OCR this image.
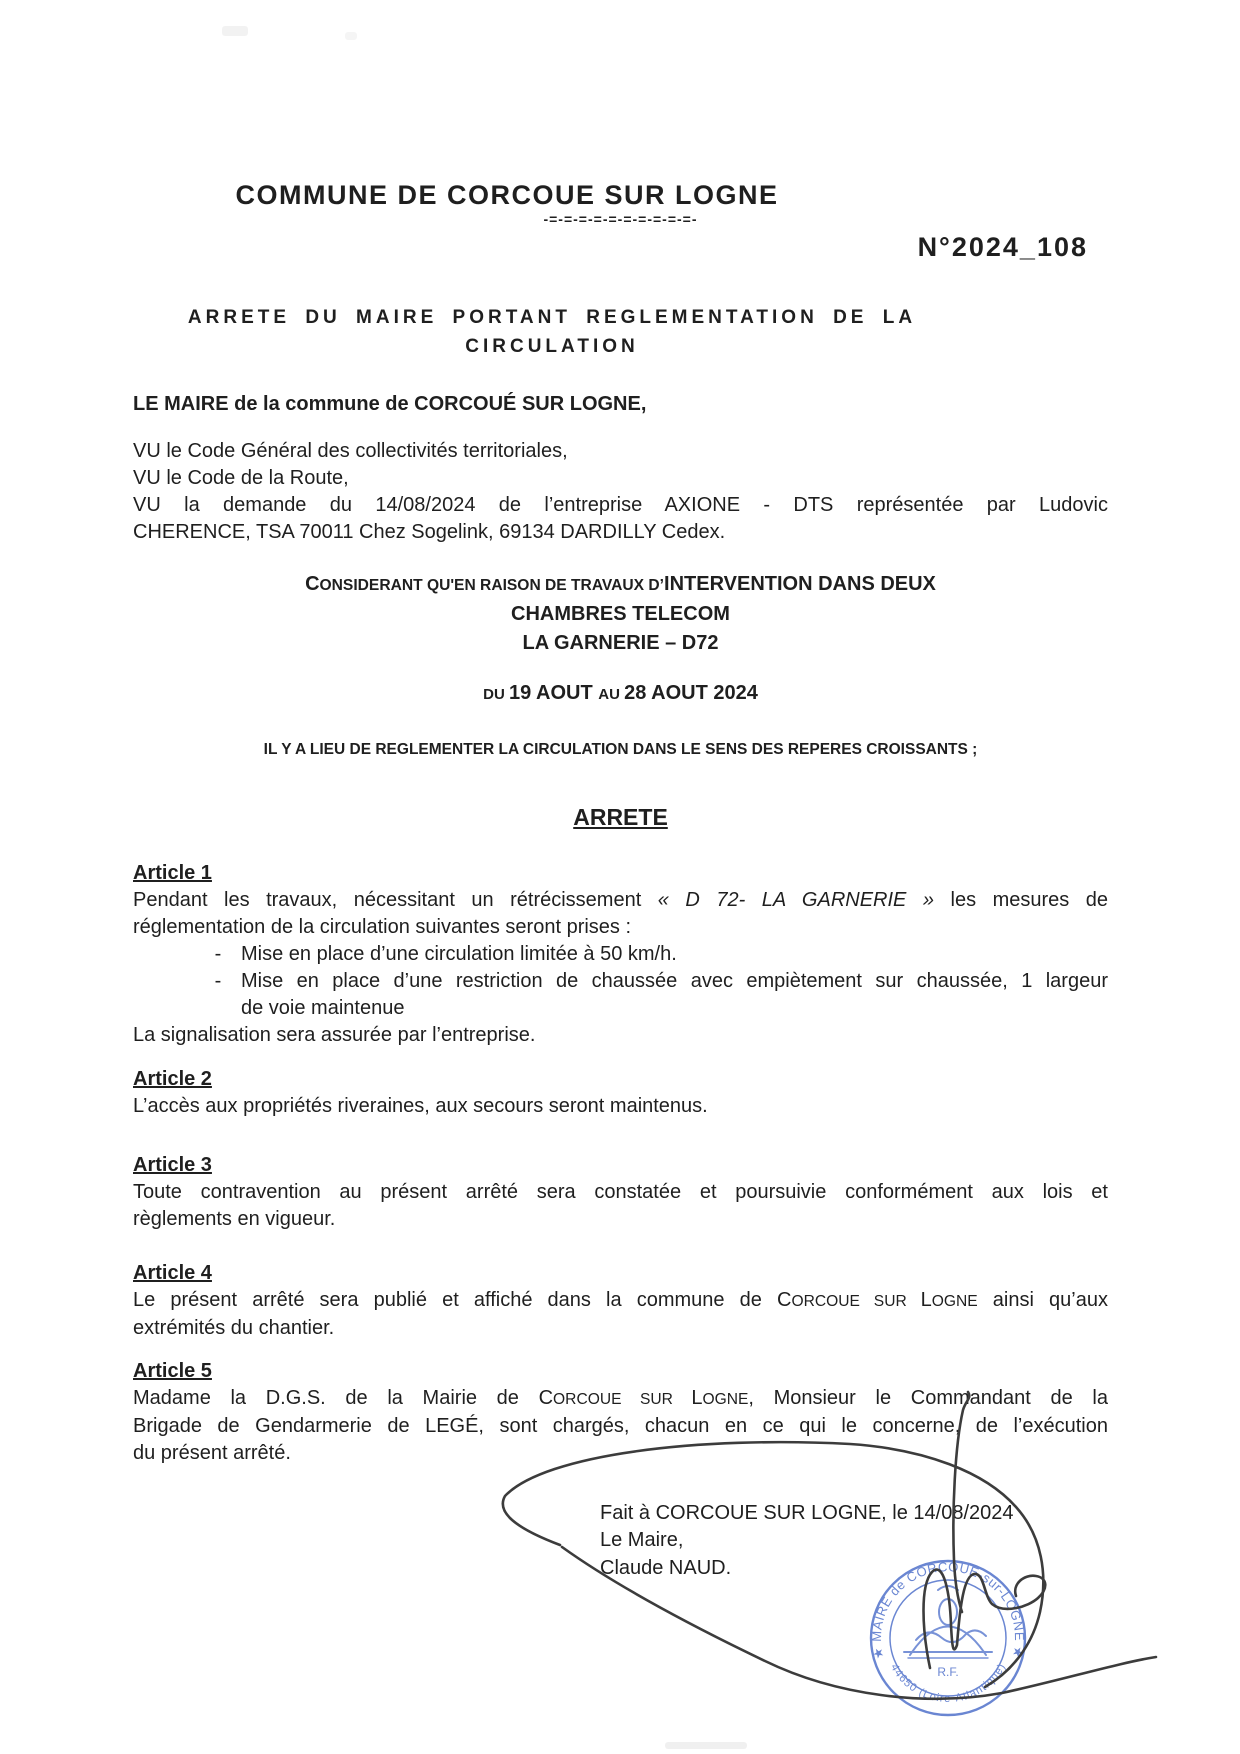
COMMUNE DE CORCOUE SUR LOGNE
-=-=-=-=-=-=-=-=-=-=-
N°2024_108
ARRETE DU MAIRE PORTANT REGLEMENTATION DE LA
CIRCULATION
LE MAIRE de la commune de CORCOUÉ SUR LOGNE,
VU le Code Général des collectivités territoriales,
VU le Code de la Route,
VU la demande du 14/08/2024 de l’entreprise AXIONE - DTS représentée par Ludovic
CHERENCE, TSA 70011 Chez Sogelink, 69134 DARDILLY Cedex.
CONSIDERANT QU'EN RAISON DE TRAVAUX D’INTERVENTION DANS DEUX
CHAMBRES TELECOM
LA GARNERIE – D72
DU 19 AOUT AU 28 AOUT 2024
IL Y A LIEU DE REGLEMENTER LA CIRCULATION DANS LE SENS DES REPERES CROISSANTS ;
ARRETE
Article 1
Pendant les travaux, nécessitant un rétrécissement « D 72- LA GARNERIE » les mesures de
réglementation de la circulation suivantes seront prises :
- Mise en place d’une circulation limitée à 50 km/h.
- Mise en place d’une restriction de chaussée avec empiètement sur chaussée, 1 largeur
de voie maintenue
La signalisation sera assurée par l’entreprise.
Article 2
L’accès aux propriétés riveraines, aux secours seront maintenus.
Article 3
Toute contravention au présent arrêté sera constatée et poursuivie conformément aux lois et
règlements en vigueur.
Article 4
Le présent arrêté sera publié et affiché dans la commune de CORCOUE SUR LOGNE ainsi qu’aux
extrémités du chantier.
Article 5
Madame la D.G.S. de la Mairie de CORCOUE SUR LOGNE, Monsieur le Commandant de la
Brigade de Gendarmerie de LEGÉ, sont chargés, chacun en ce qui le concerne, de l’exécution
du présent arrêté.
Fait à CORCOUE SUR LOGNE, le 14/08/2024
Le Maire,
Claude NAUD.
★ MAIRE de CORCOUE-sur-LOGNE ★
44650 (Loire-Atlantique)
R.F.
